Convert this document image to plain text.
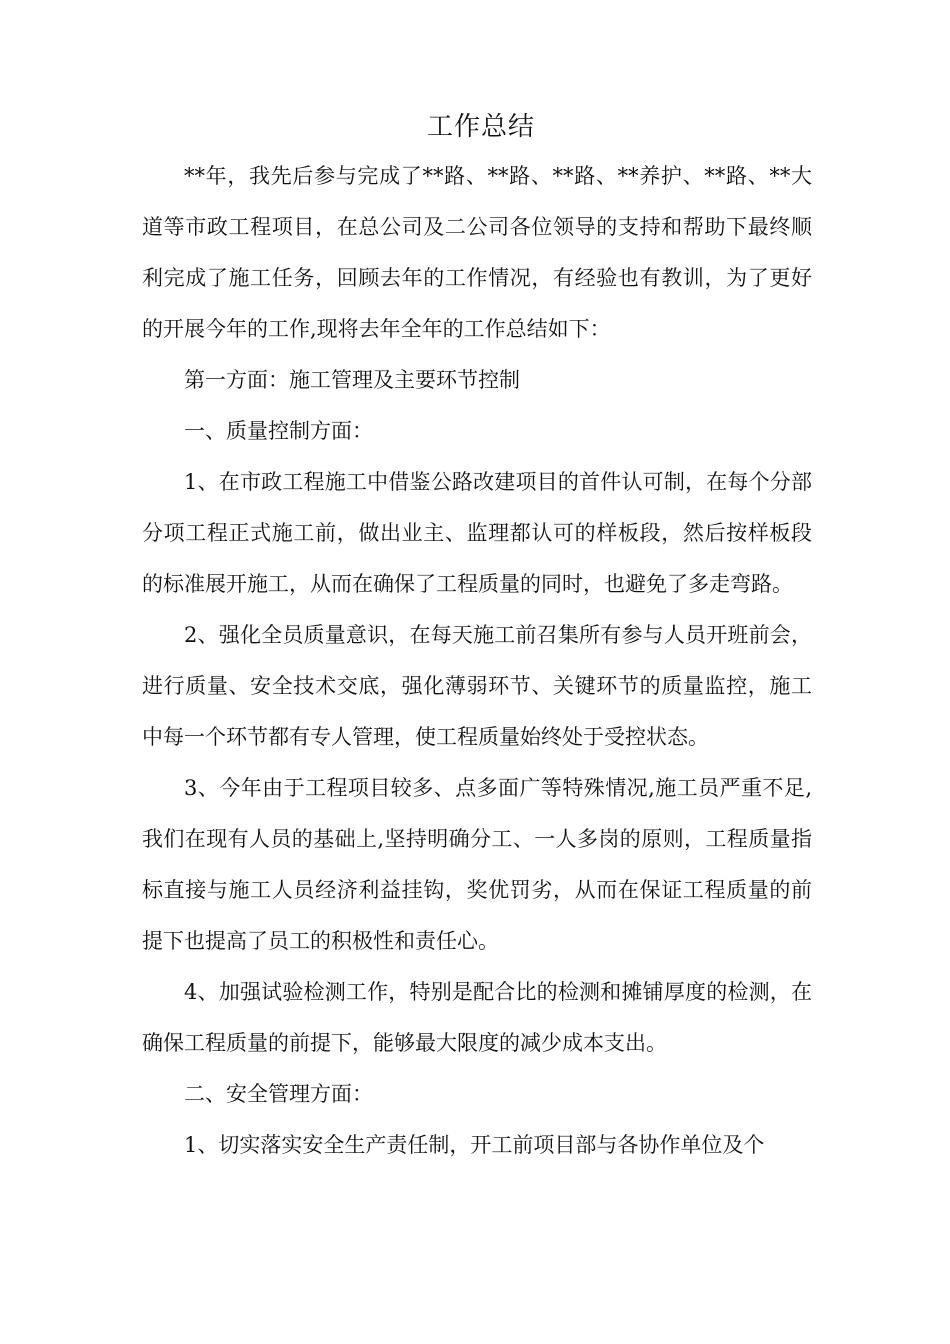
工作总结

**年，我先后参与完成了**路、**路、**路、**养护、**路、**大道等市政工程项目，在总公司及二公司各位领导的支持和帮助下最终顺利完成了施工任务，回顾去年的工作情况，有经验也有教训，为了更好的开展今年的工作,现将去年全年的工作总结如下：

第一方面：施工管理及主要环节控制

一、质量控制方面：

1、在市政工程施工中借鉴公路改建项目的首件认可制，在每个分部分项工程正式施工前，做出业主、监理都认可的样板段，然后按样板段的标准展开施工，从而在确保了工程质量的同时，也避免了多走弯路。

2、强化全员质量意识，在每天施工前召集所有参与人员开班前会，进行质量、安全技术交底，强化薄弱环节、关键环节的质量监控，施工中每一个环节都有专人管理，使工程质量始终处于受控状态。

3、今年由于工程项目较多、点多面广等特殊情况,施工员严重不足,我们在现有人员的基础上,坚持明确分工、一人多岗的原则，工程质量指标直接与施工人员经济利益挂钩，奖优罚劣，从而在保证工程质量的前提下也提高了员工的积极性和责任心。

4、加强试验检测工作，特别是配合比的检测和摊铺厚度的检测，在确保工程质量的前提下，能够最大限度的减少成本支出。

二、安全管理方面：

1、切实落实安全生产责任制，开工前项目部与各协作单位及个
